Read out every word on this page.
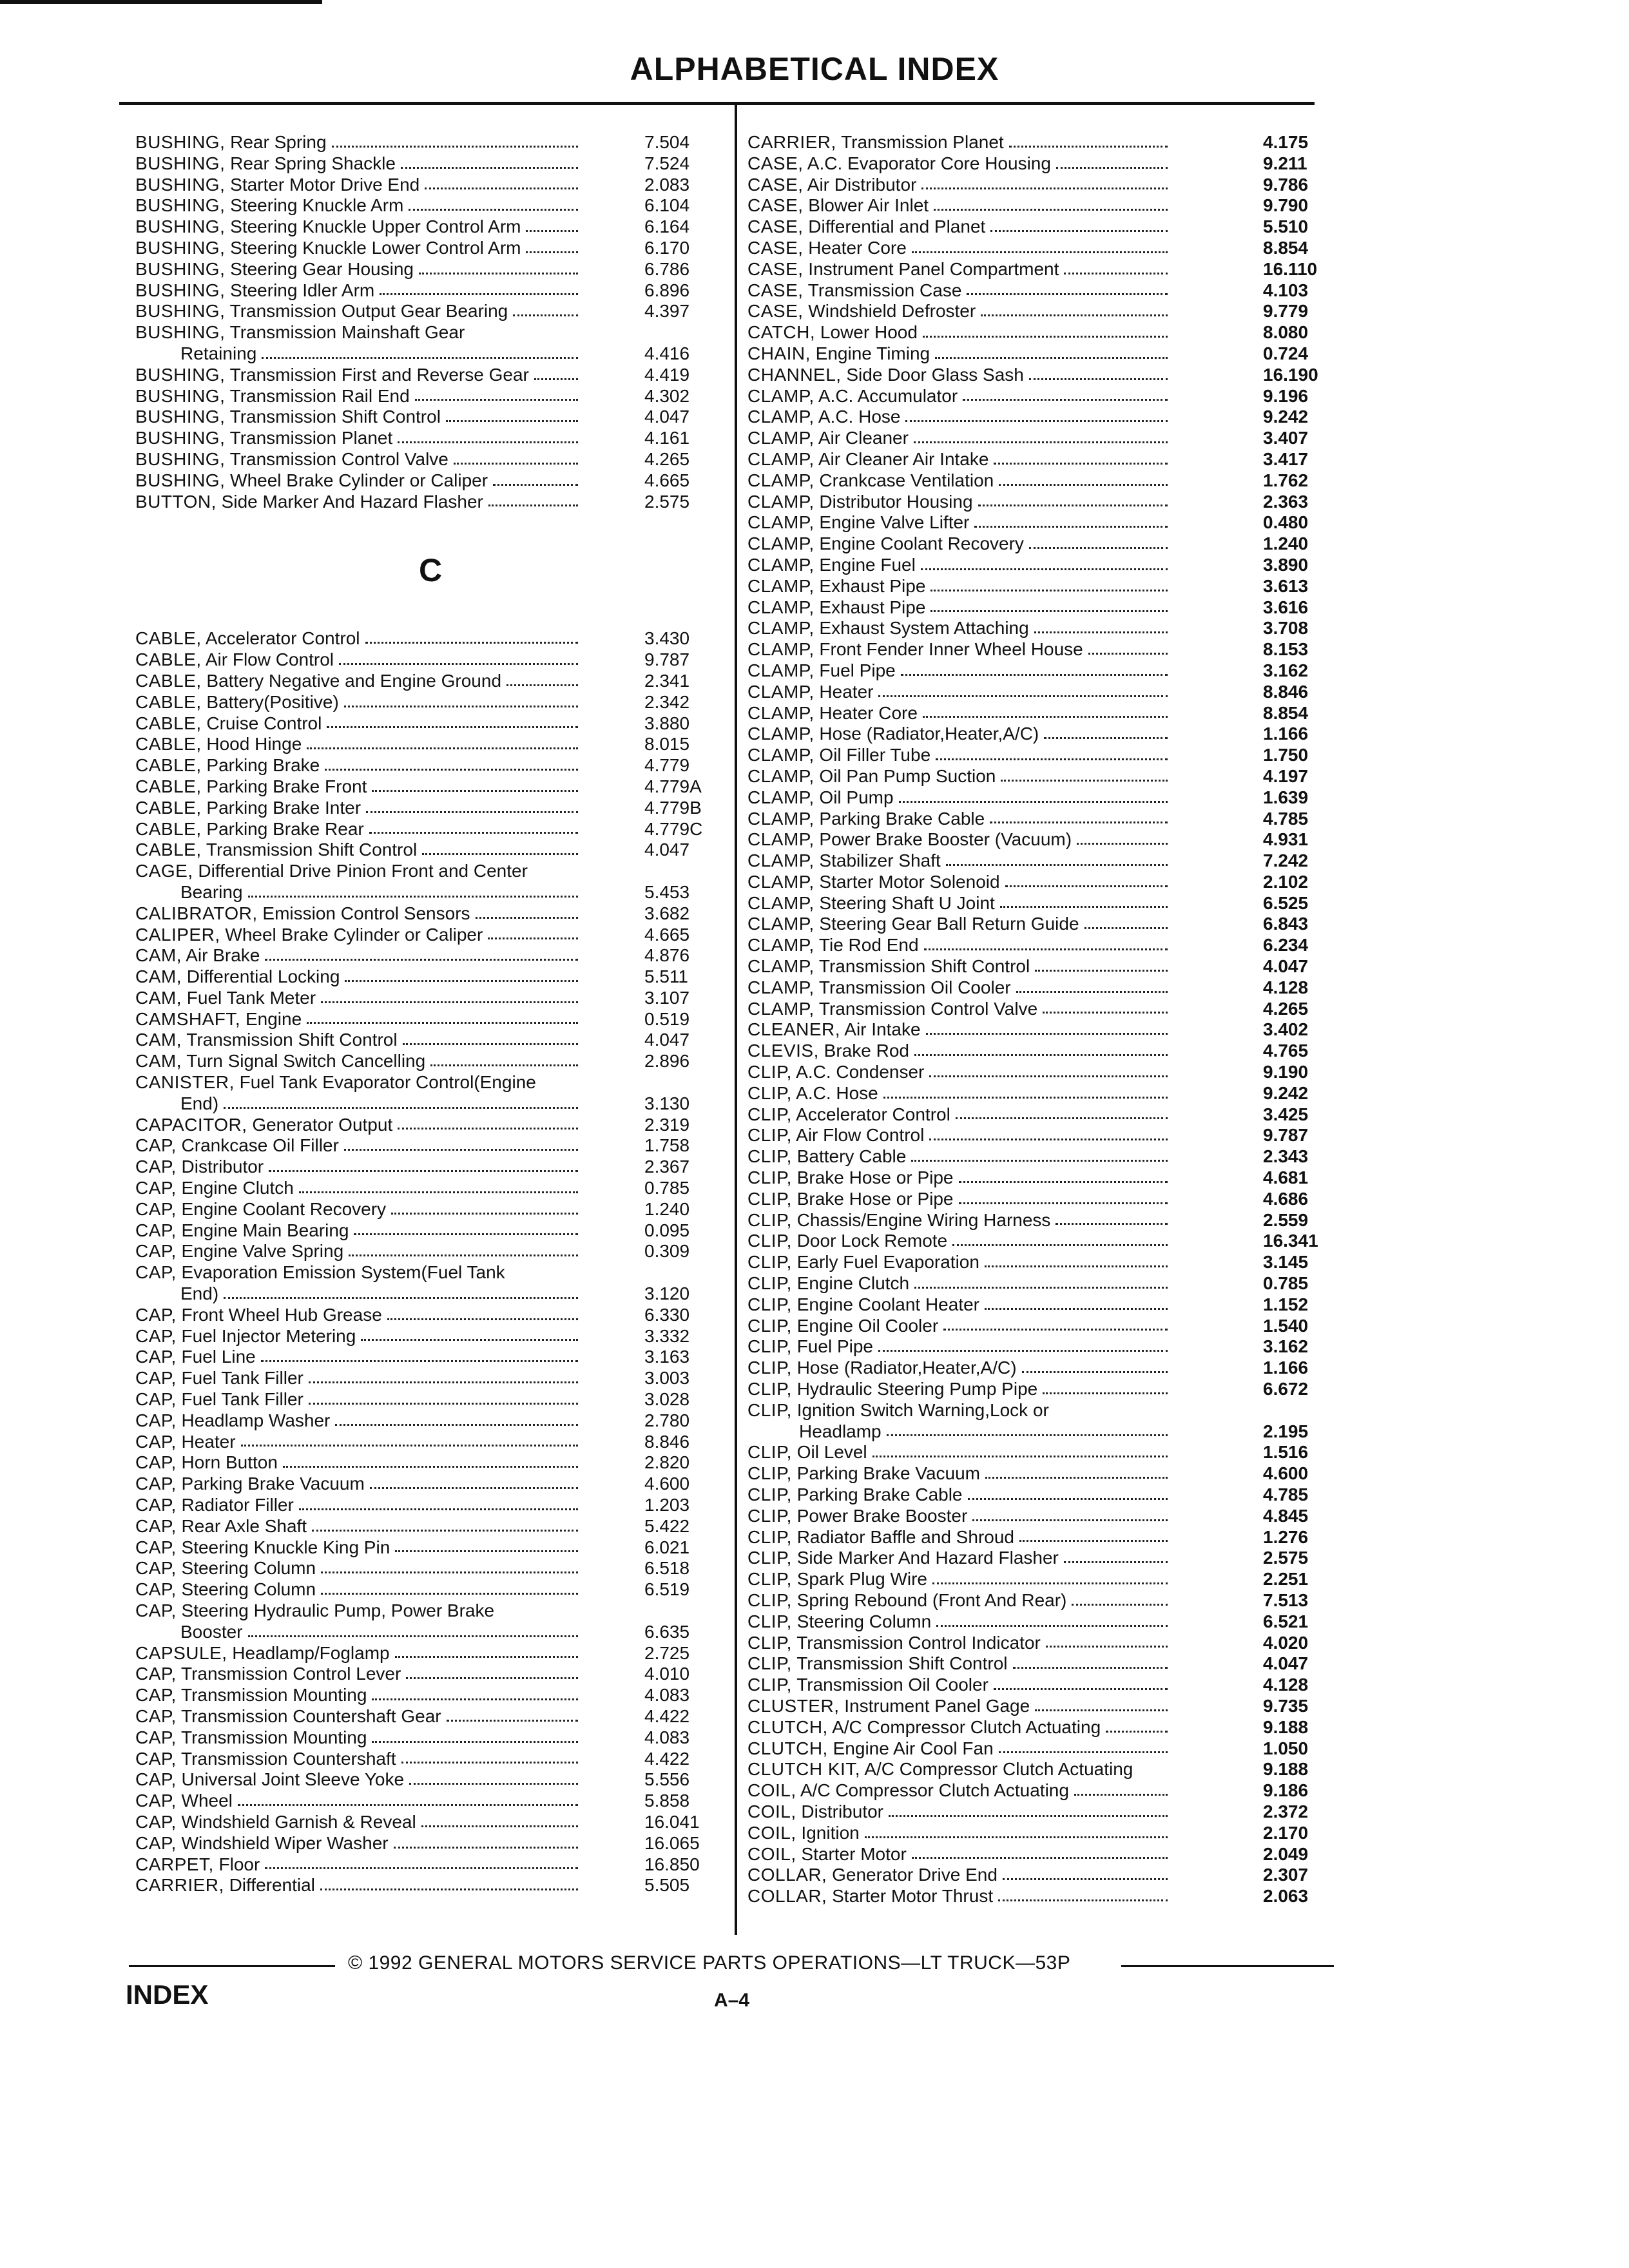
ALPHABETICAL INDEX
BUSHING, Rear Spring	7.504
BUSHING, Rear Spring Shackle	7.524
BUSHING, Starter Motor Drive End	2.083
BUSHING, Steering Knuckle Arm	6.104
BUSHING, Steering Knuckle Upper Control Arm	6.164
BUSHING, Steering Knuckle Lower Control Arm	6.170
BUSHING, Steering Gear Housing	6.786
BUSHING, Steering Idler Arm	6.896
BUSHING, Transmission Output Gear Bearing	4.397
BUSHING, Transmission Mainshaft Gear
Retaining	4.416
BUSHING, Transmission First and Reverse Gear	4.419
BUSHING, Transmission Rail End	4.302
BUSHING, Transmission Shift Control	4.047
BUSHING, Transmission Planet	4.161
BUSHING, Transmission Control Valve	4.265
BUSHING, Wheel Brake Cylinder or Caliper	4.665
BUTTON, Side Marker And Hazard Flasher	2.575
C
CABLE, Accelerator Control	3.430
CABLE, Air Flow Control	9.787
CABLE, Battery Negative and Engine Ground	2.341
CABLE, Battery(Positive)	2.342
CABLE, Cruise Control	3.880
CABLE, Hood Hinge	8.015
CABLE, Parking Brake	4.779
CABLE, Parking Brake Front	4.779A
CABLE, Parking Brake Inter	4.779B
CABLE, Parking Brake Rear	4.779C
CABLE, Transmission Shift Control	4.047
CAGE, Differential Drive Pinion Front and Center
Bearing	5.453
CALIBRATOR, Emission Control Sensors	3.682
CALIPER, Wheel Brake Cylinder or Caliper	4.665
CAM, Air Brake	4.876
CAM, Differential Locking	5.511
CAM, Fuel Tank Meter	3.107
CAMSHAFT, Engine	0.519
CAM, Transmission Shift Control	4.047
CAM, Turn Signal Switch Cancelling	2.896
CANISTER, Fuel Tank Evaporator Control(Engine
End)	3.130
CAPACITOR, Generator Output	2.319
CAP, Crankcase Oil Filler	1.758
CAP, Distributor	2.367
CAP, Engine Clutch	0.785
CAP, Engine Coolant Recovery	1.240
CAP, Engine Main Bearing	0.095
CAP, Engine Valve Spring	0.309
CAP, Evaporation Emission System(Fuel Tank
End)	3.120
CAP, Front Wheel Hub Grease	6.330
CAP, Fuel Injector Metering	3.332
CAP, Fuel Line	3.163
CAP, Fuel Tank Filler	3.003
CAP, Fuel Tank Filler	3.028
CAP, Headlamp Washer	2.780
CAP, Heater	8.846
CAP, Horn Button	2.820
CAP, Parking Brake Vacuum	4.600
CAP, Radiator Filler	1.203
CAP, Rear Axle Shaft	5.422
CAP, Steering Knuckle King Pin	6.021
CAP, Steering Column	6.518
CAP, Steering Column	6.519
CAP, Steering Hydraulic Pump, Power Brake
Booster	6.635
CAPSULE, Headlamp/Foglamp	2.725
CAP, Transmission Control Lever	4.010
CAP, Transmission Mounting	4.083
CAP, Transmission Countershaft Gear	4.422
CAP, Transmission Mounting	4.083
CAP, Transmission Countershaft	4.422
CAP, Universal Joint Sleeve Yoke	5.556
CAP, Wheel	5.858
CAP, Windshield Garnish & Reveal	16.041
CAP, Windshield Wiper Washer	16.065
CARPET, Floor	16.850
CARRIER, Differential	5.505
CARRIER, Transmission Planet	4.175
CASE, A.C. Evaporator Core Housing	9.211
CASE, Air Distributor	9.786
CASE, Blower Air Inlet	9.790
CASE, Differential and Planet	5.510
CASE, Heater Core	8.854
CASE, Instrument Panel Compartment	16.110
CASE, Transmission Case	4.103
CASE, Windshield Defroster	9.779
CATCH, Lower Hood	8.080
CHAIN, Engine Timing	0.724
CHANNEL, Side Door Glass Sash	16.190
CLAMP, A.C. Accumulator	9.196
CLAMP, A.C. Hose	9.242
CLAMP, Air Cleaner	3.407
CLAMP, Air Cleaner Air Intake	3.417
CLAMP, Crankcase Ventilation	1.762
CLAMP, Distributor Housing	2.363
CLAMP, Engine Valve Lifter	0.480
CLAMP, Engine Coolant Recovery	1.240
CLAMP, Engine Fuel	3.890
CLAMP, Exhaust Pipe	3.613
CLAMP, Exhaust Pipe	3.616
CLAMP, Exhaust System Attaching	3.708
CLAMP, Front Fender Inner Wheel House	8.153
CLAMP, Fuel Pipe	3.162
CLAMP, Heater	8.846
CLAMP, Heater Core	8.854
CLAMP, Hose (Radiator,Heater,A/C)	1.166
CLAMP, Oil Filler Tube	1.750
CLAMP, Oil Pan Pump Suction	4.197
CLAMP, Oil Pump	1.639
CLAMP, Parking Brake Cable	4.785
CLAMP, Power Brake Booster (Vacuum)	4.931
CLAMP, Stabilizer Shaft	7.242
CLAMP, Starter Motor Solenoid	2.102
CLAMP, Steering Shaft U Joint	6.525
CLAMP, Steering Gear Ball Return Guide	6.843
CLAMP, Tie Rod End	6.234
CLAMP, Transmission Shift Control	4.047
CLAMP, Transmission Oil Cooler	4.128
CLAMP, Transmission Control Valve	4.265
CLEANER, Air Intake	3.402
CLEVIS, Brake Rod	4.765
CLIP, A.C. Condenser	9.190
CLIP, A.C. Hose	9.242
CLIP, Accelerator Control	3.425
CLIP, Air Flow Control	9.787
CLIP, Battery Cable	2.343
CLIP, Brake Hose or Pipe	4.681
CLIP, Brake Hose or Pipe	4.686
CLIP, Chassis/Engine Wiring Harness	2.559
CLIP, Door Lock Remote	16.341
CLIP, Early Fuel Evaporation	3.145
CLIP, Engine Clutch	0.785
CLIP, Engine Coolant Heater	1.152
CLIP, Engine Oil Cooler	1.540
CLIP, Fuel Pipe	3.162
CLIP, Hose (Radiator,Heater,A/C)	1.166
CLIP, Hydraulic Steering Pump Pipe	6.672
CLIP, Ignition Switch Warning,Lock or
Headlamp	2.195
CLIP, Oil Level	1.516
CLIP, Parking Brake Vacuum	4.600
CLIP, Parking Brake Cable	4.785
CLIP, Power Brake Booster	4.845
CLIP, Radiator Baffle and Shroud	1.276
CLIP, Side Marker And Hazard Flasher	2.575
CLIP, Spark Plug Wire	2.251
CLIP, Spring Rebound (Front And Rear)	7.513
CLIP, Steering Column	6.521
CLIP, Transmission Control Indicator	4.020
CLIP, Transmission Shift Control	4.047
CLIP, Transmission Oil Cooler	4.128
CLUSTER, Instrument Panel Gage	9.735
CLUTCH, A/C Compressor Clutch Actuating	9.188
CLUTCH, Engine Air Cool Fan	1.050
CLUTCH KIT, A/C Compressor Clutch Actuating	9.188
COIL, A/C Compressor Clutch Actuating	9.186
COIL, Distributor	2.372
COIL, Ignition	2.170
COIL, Starter Motor	2.049
COLLAR, Generator Drive End	2.307
COLLAR, Starter Motor Thrust	2.063
© 1992 GENERAL MOTORS SERVICE PARTS OPERATIONS—LT TRUCK—53P
INDEX	A–4
